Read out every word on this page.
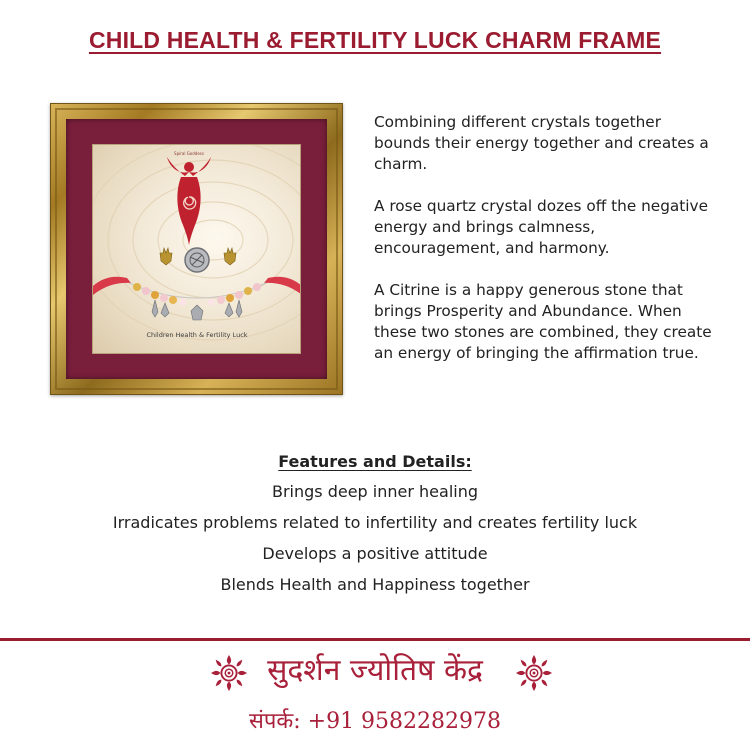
CHILD HEALTH & FERTILITY LUCK CHARM FRAME
Spiral Goddess
Children Health & Fertility Luck

Combining different crystals together bounds their energy together and creates a charm.

A rose quartz crystal dozes off the negative energy and brings calmness, encouragement, and harmony.

A Citrine is a happy generous stone that brings Prosperity and Abundance. When these two stones are combined, they create an energy of bringing the affirmation true.

Features and Details:
Brings deep inner healing
Irradicates problems related to infertility and creates fertility luck
Develops a positive attitude
Blends Health and Happiness together
सुदर्शन ज्योतिष केंद्र
संपर्क: +91 9582282978
